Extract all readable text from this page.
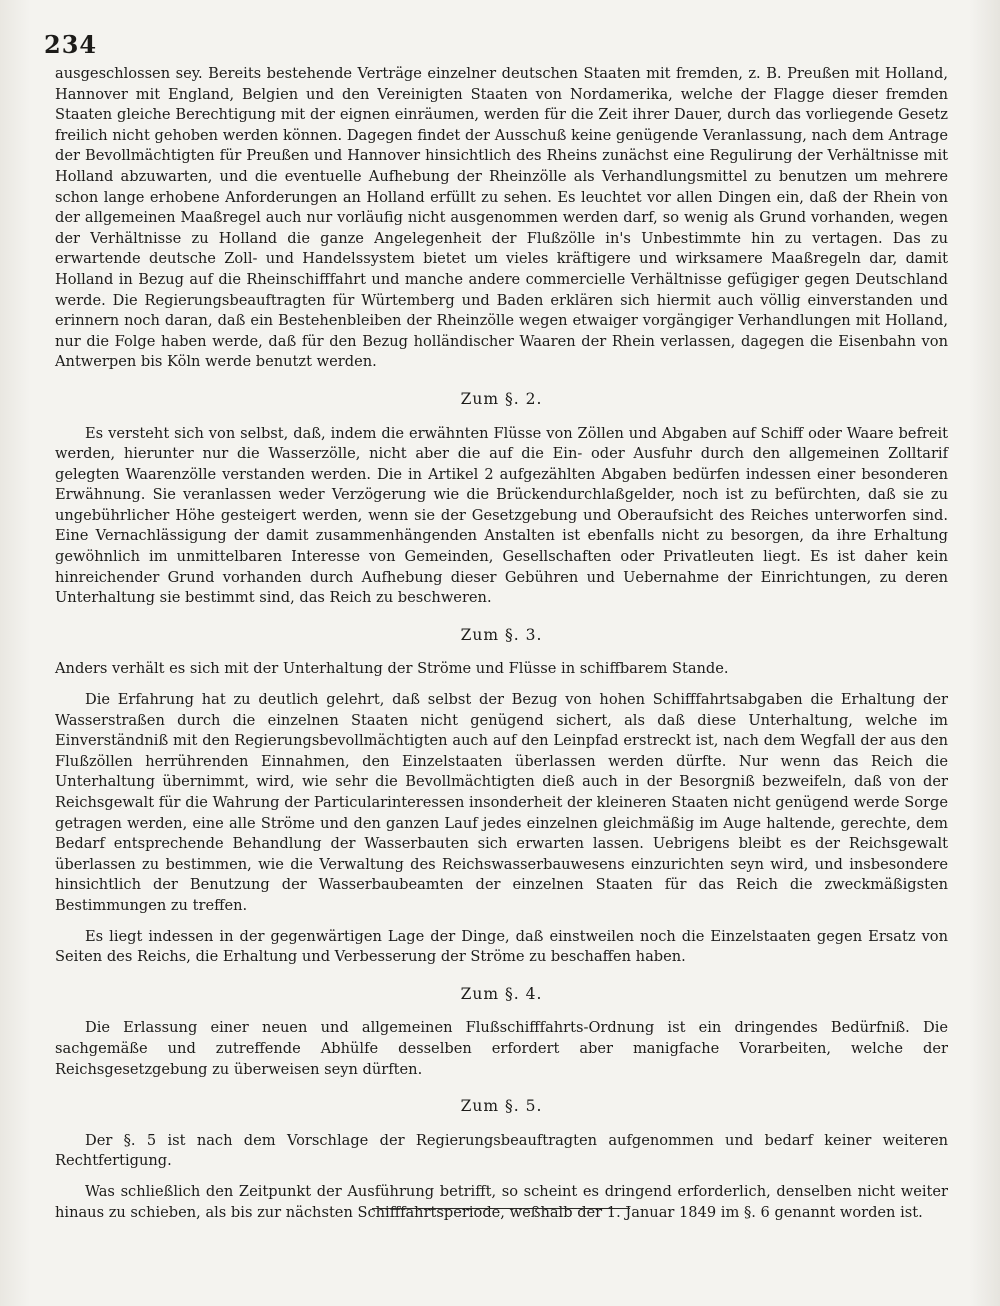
234

ausgeschlossen sey. Bereits bestehende Verträge einzelner deutschen Staaten mit fremden, z. B. Preußen mit Holland, Hannover mit England, Belgien und den Vereinigten Staaten von Nordamerika, welche der Flagge dieser fremden Staaten gleiche Berechtigung mit der eignen einräumen, werden für die Zeit ihrer Dauer, durch das vorliegende Gesetz freilich nicht gehoben werden können. Dagegen findet der Ausschuß keine genügende Veranlassung, nach dem Antrage der Bevollmächtigten für Preußen und Hannover hinsichtlich des Rheins zunächst eine Regulirung der Verhältnisse mit Holland abzuwarten, und die eventuelle Aufhebung der Rheinzölle als Verhandlungsmittel zu benutzen um mehrere schon lange erhobene Anforderungen an Holland erfüllt zu sehen. Es leuchtet vor allen Dingen ein, daß der Rhein von der allgemeinen Maaßregel auch nur vorläufig nicht ausgenommen werden darf, so wenig als Grund vorhanden, wegen der Verhältnisse zu Holland die ganze Angelegenheit der Flußzölle in's Unbestimmte hin zu vertagen. Das zu erwartende deutsche Zoll- und Handelssystem bietet um vieles kräftigere und wirksamere Maaßregeln dar, damit Holland in Bezug auf die Rheinschifffahrt und manche andere commercielle Verhältnisse gefügiger gegen Deutschland werde. Die Regierungsbeauftragten für Würtemberg und Baden erklären sich hiermit auch völlig einverstanden und erinnern noch daran, daß ein Bestehenbleiben der Rheinzölle wegen etwaiger vorgängiger Verhandlungen mit Holland, nur die Folge haben werde, daß für den Bezug holländischer Waaren der Rhein verlassen, dagegen die Eisenbahn von Antwerpen bis Köln werde benutzt werden.

Zum §. 2.

Es versteht sich von selbst, daß, indem die erwähnten Flüsse von Zöllen und Abgaben auf Schiff oder Waare befreit werden, hierunter nur die Wasserzölle, nicht aber die auf die Ein- oder Ausfuhr durch den allgemeinen Zolltarif gelegten Waarenzölle verstanden werden. Die in Artikel 2 aufgezählten Abgaben bedürfen indessen einer besonderen Erwähnung. Sie veranlassen weder Verzögerung wie die Brückendurchlaßgelder, noch ist zu befürchten, daß sie zu ungebührlicher Höhe gesteigert werden, wenn sie der Gesetzgebung und Oberaufsicht des Reiches unterworfen sind. Eine Vernachlässigung der damit zusammenhängenden Anstalten ist ebenfalls nicht zu besorgen, da ihre Erhaltung gewöhnlich im unmittelbaren Interesse von Gemeinden, Gesellschaften oder Privatleuten liegt. Es ist daher kein hinreichender Grund vorhanden durch Aufhebung dieser Gebühren und Uebernahme der Einrichtungen, zu deren Unterhaltung sie bestimmt sind, das Reich zu beschweren.

Zum §. 3.

Anders verhält es sich mit der Unterhaltung der Ströme und Flüsse in schiffbarem Stande.

Die Erfahrung hat zu deutlich gelehrt, daß selbst der Bezug von hohen Schifffahrtsabgaben die Erhaltung der Wasserstraßen durch die einzelnen Staaten nicht genügend sichert, als daß diese Unterhaltung, welche im Einverständniß mit den Regierungsbevollmächtigten auch auf den Leinpfad erstreckt ist, nach dem Wegfall der aus den Flußzöllen herrührenden Einnahmen, den Einzelstaaten überlassen werden dürfte. Nur wenn das Reich die Unterhaltung übernimmt, wird, wie sehr die Bevollmächtigten dieß auch in der Besorgniß bezweifeln, daß von der Reichsgewalt für die Wahrung der Particularinteressen insonderheit der kleineren Staaten nicht genügend werde Sorge getragen werden, eine alle Ströme und den ganzen Lauf jedes einzelnen gleichmäßig im Auge haltende, gerechte, dem Bedarf entsprechende Behandlung der Wasserbauten sich erwarten lassen. Uebrigens bleibt es der Reichsgewalt überlassen zu bestimmen, wie die Verwaltung des Reichswasserbauwesens einzurichten seyn wird, und insbesondere hinsichtlich der Benutzung der Wasserbaubeamten der einzelnen Staaten für das Reich die zweckmäßigsten Bestimmungen zu treffen.

Es liegt indessen in der gegenwärtigen Lage der Dinge, daß einstweilen noch die Einzelstaaten gegen Ersatz von Seiten des Reichs, die Erhaltung und Verbesserung der Ströme zu beschaffen haben.

Zum §. 4.

Die Erlassung einer neuen und allgemeinen Flußschifffahrts-Ordnung ist ein dringendes Bedürfniß. Die sachgemäße und zutreffende Abhülfe desselben erfordert aber manigfache Vorarbeiten, welche der Reichsgesetzgebung zu überweisen seyn dürften.

Zum §. 5.

Der §. 5 ist nach dem Vorschlage der Regierungsbeauftragten aufgenommen und bedarf keiner weiteren Rechtfertigung.

Was schließlich den Zeitpunkt der Ausführung betrifft, so scheint es dringend erforderlich, denselben nicht weiter hinaus zu schieben, als bis zur nächsten Schifffahrtsperiode, weßhalb der 1. Januar 1849 im §. 6 genannt worden ist.
